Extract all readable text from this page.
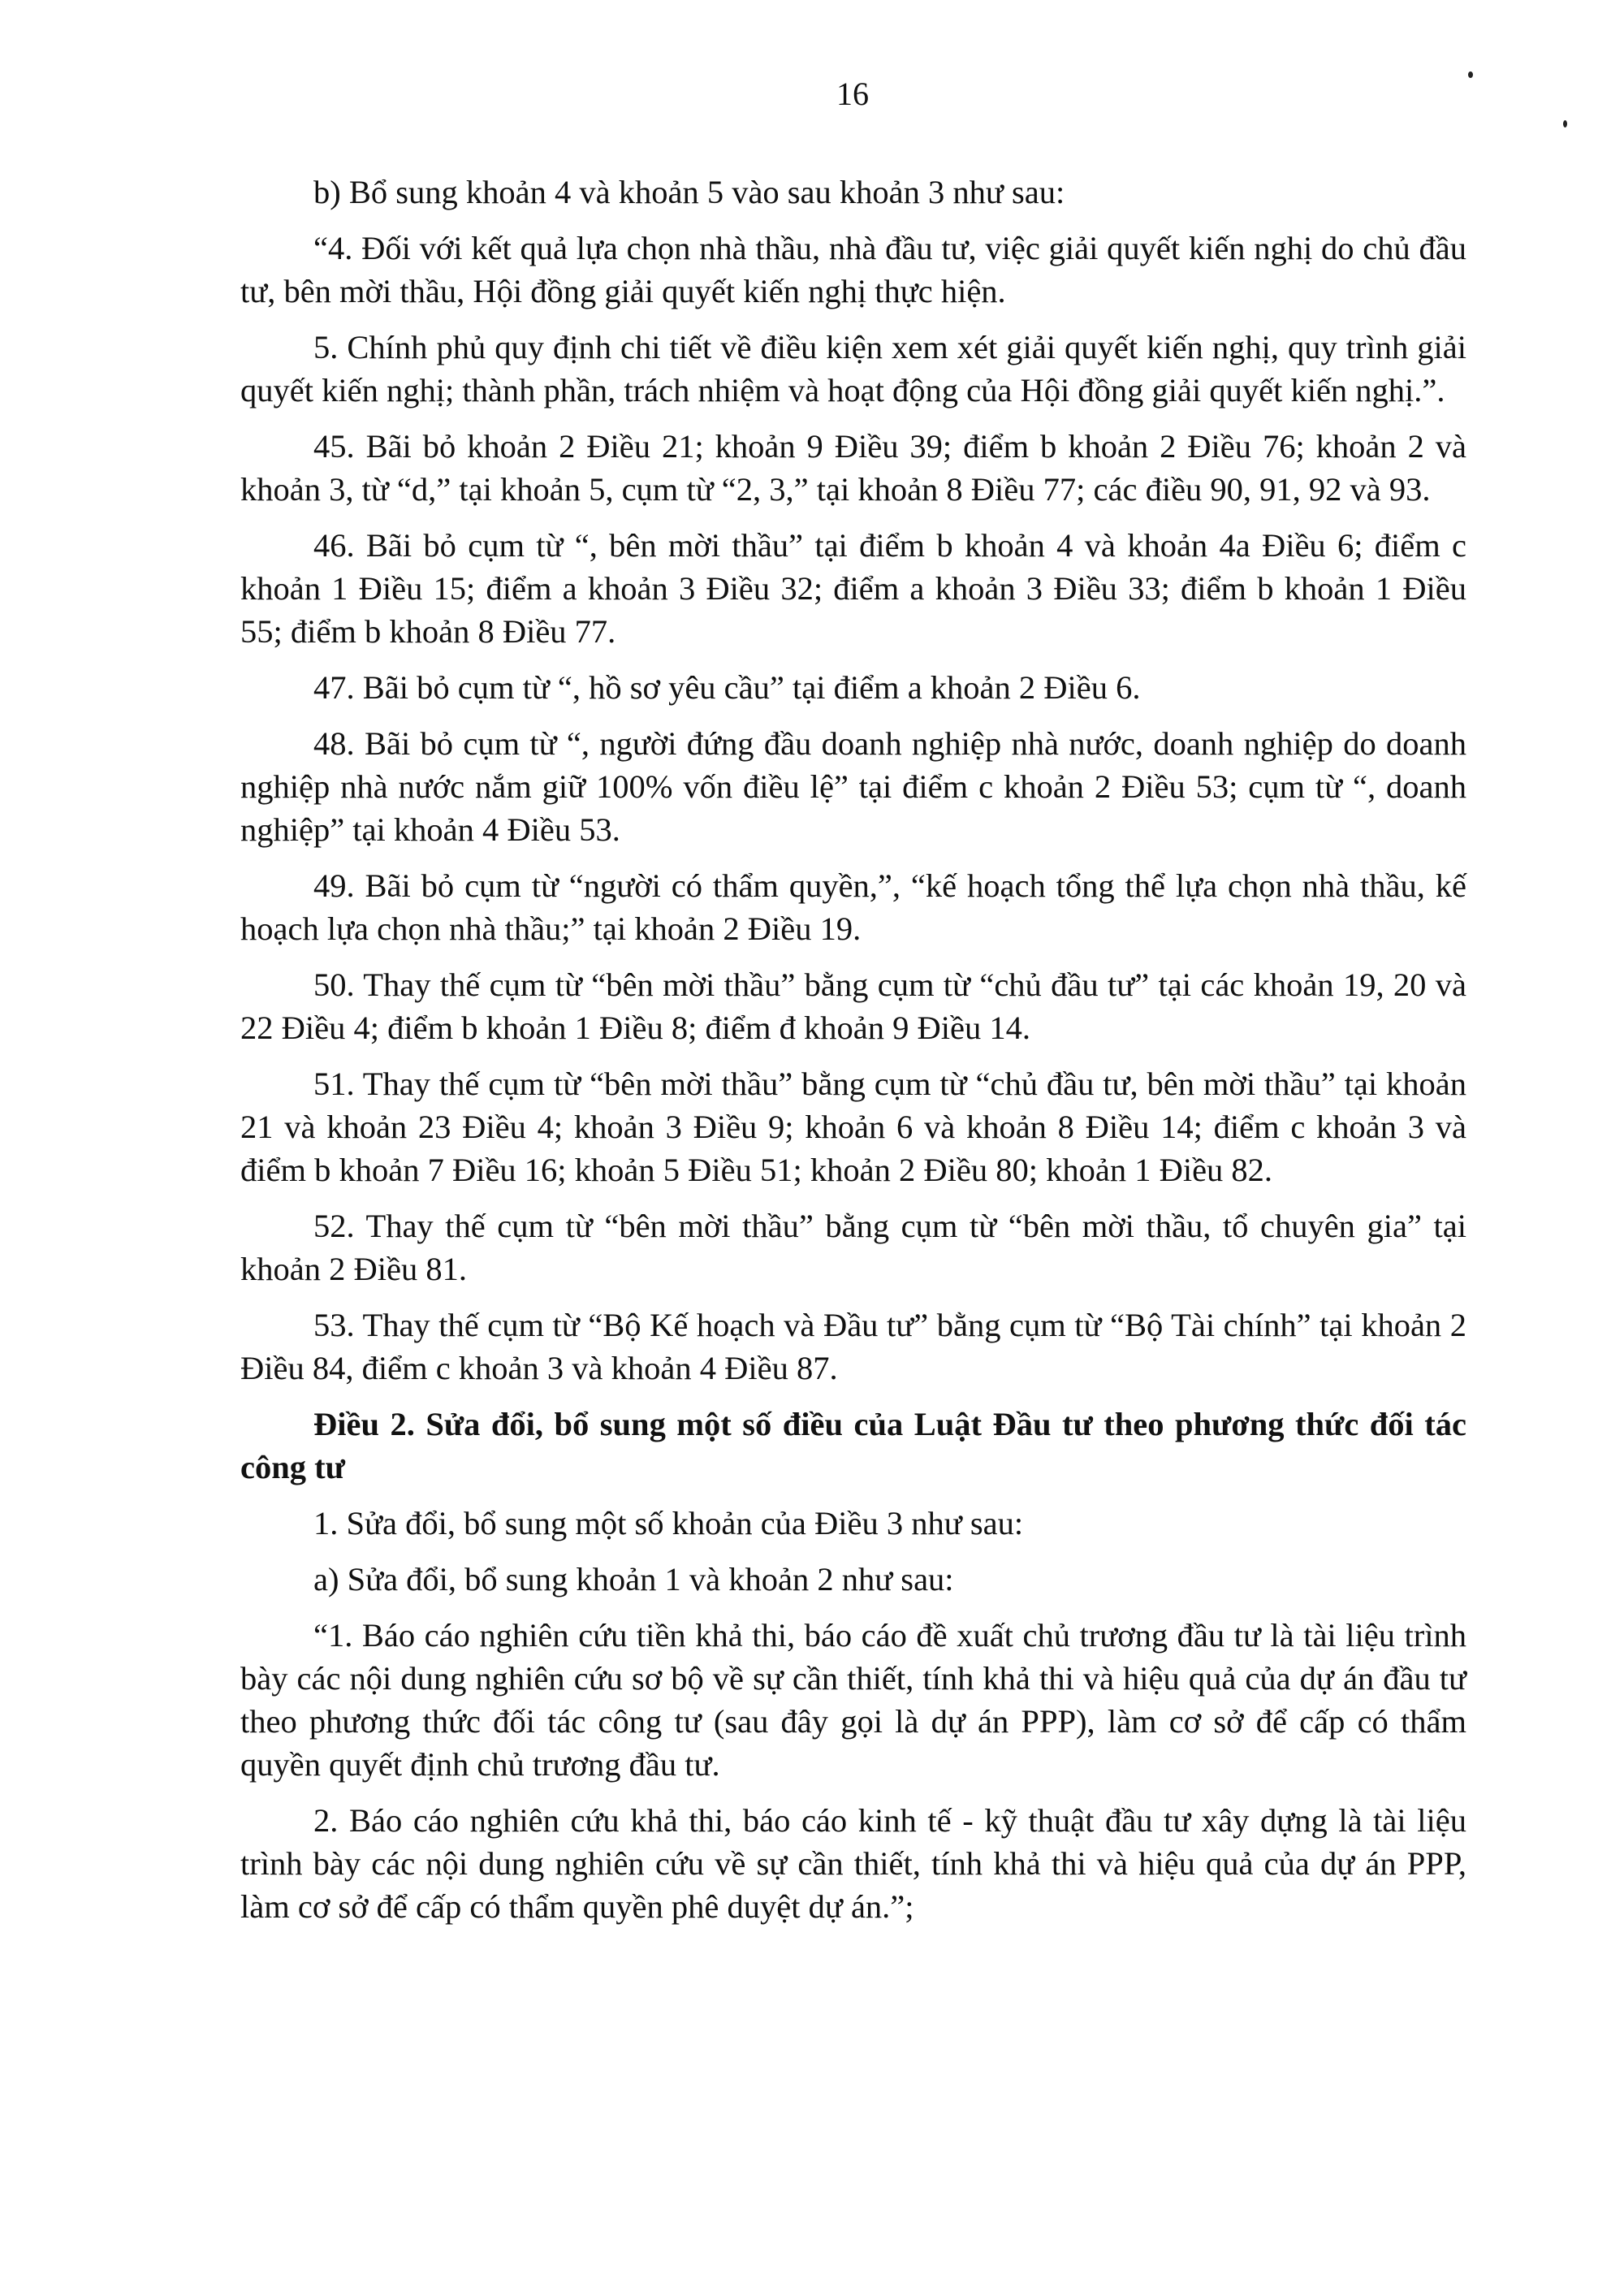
16

b) Bổ sung khoản 4 và khoản 5 vào sau khoản 3 như sau:

“4. Đối với kết quả lựa chọn nhà thầu, nhà đầu tư, việc giải quyết kiến nghị do chủ đầu tư, bên mời thầu, Hội đồng giải quyết kiến nghị thực hiện.

5. Chính phủ quy định chi tiết về điều kiện xem xét giải quyết kiến nghị, quy trình giải quyết kiến nghị; thành phần, trách nhiệm và hoạt động của Hội đồng giải quyết kiến nghị.”.

45. Bãi bỏ khoản 2 Điều 21; khoản 9 Điều 39; điểm b khoản 2 Điều 76; khoản 2 và khoản 3, từ “d,” tại khoản 5, cụm từ “2, 3,” tại khoản 8 Điều 77; các điều 90, 91, 92 và 93.

46. Bãi bỏ cụm từ “, bên mời thầu” tại điểm b khoản 4 và khoản 4a Điều 6; điểm c khoản 1 Điều 15; điểm a khoản 3 Điều 32; điểm a khoản 3 Điều 33; điểm b khoản 1 Điều 55; điểm b khoản 8 Điều 77.

47. Bãi bỏ cụm từ “, hồ sơ yêu cầu” tại điểm a khoản 2 Điều 6.

48. Bãi bỏ cụm từ “, người đứng đầu doanh nghiệp nhà nước, doanh nghiệp do doanh nghiệp nhà nước nắm giữ 100% vốn điều lệ” tại điểm c khoản 2 Điều 53; cụm từ “, doanh nghiệp” tại khoản 4 Điều 53.

49. Bãi bỏ cụm từ “người có thẩm quyền,”, “kế hoạch tổng thể lựa chọn nhà thầu, kế hoạch lựa chọn nhà thầu;” tại khoản 2 Điều 19.

50. Thay thế cụm từ “bên mời thầu” bằng cụm từ “chủ đầu tư” tại các khoản 19, 20 và 22 Điều 4; điểm b khoản 1 Điều 8; điểm đ khoản 9 Điều 14.

51. Thay thế cụm từ “bên mời thầu” bằng cụm từ “chủ đầu tư, bên mời thầu” tại khoản 21 và khoản 23 Điều 4; khoản 3 Điều 9; khoản 6 và khoản 8 Điều 14; điểm c khoản 3 và điểm b khoản 7 Điều 16; khoản 5 Điều 51; khoản 2 Điều 80; khoản 1 Điều 82.

52. Thay thế cụm từ “bên mời thầu” bằng cụm từ “bên mời thầu, tổ chuyên gia” tại khoản 2 Điều 81.

53. Thay thế cụm từ “Bộ Kế hoạch và Đầu tư” bằng cụm từ “Bộ Tài chính” tại khoản 2 Điều 84, điểm c khoản 3 và khoản 4 Điều 87.

Điều 2. Sửa đổi, bổ sung một số điều của Luật Đầu tư theo phương thức đối tác công tư

1. Sửa đổi, bổ sung một số khoản của Điều 3 như sau:

a) Sửa đổi, bổ sung khoản 1 và khoản 2 như sau:

“1. Báo cáo nghiên cứu tiền khả thi, báo cáo đề xuất chủ trương đầu tư là tài liệu trình bày các nội dung nghiên cứu sơ bộ về sự cần thiết, tính khả thi và hiệu quả của dự án đầu tư theo phương thức đối tác công tư (sau đây gọi là dự án PPP), làm cơ sở để cấp có thẩm quyền quyết định chủ trương đầu tư.

2. Báo cáo nghiên cứu khả thi, báo cáo kinh tế - kỹ thuật đầu tư xây dựng là tài liệu trình bày các nội dung nghiên cứu về sự cần thiết, tính khả thi và hiệu quả của dự án PPP, làm cơ sở để cấp có thẩm quyền phê duyệt dự án.”;
